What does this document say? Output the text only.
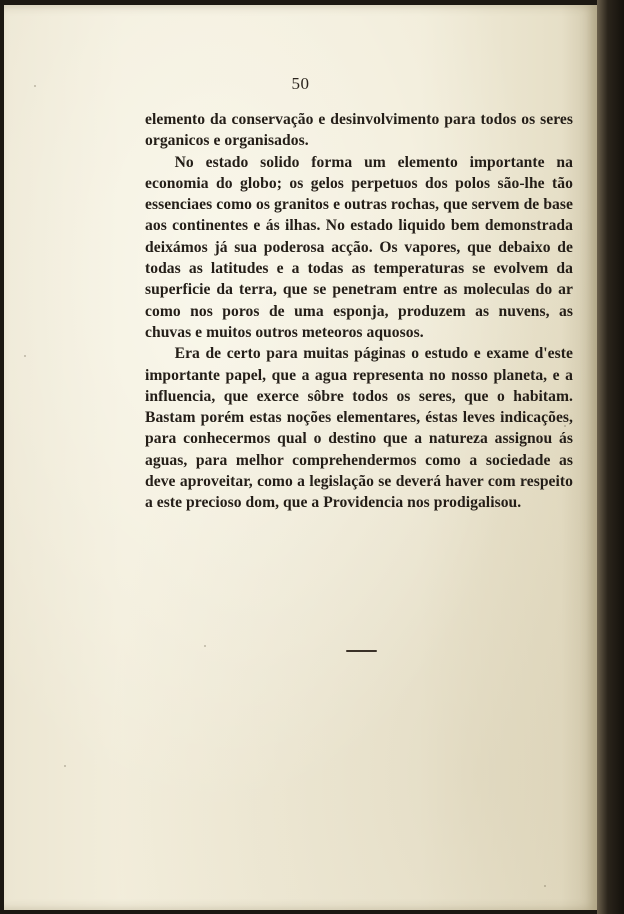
50

elemento da conservação e desinvolvimento para todos os seres organicos e organisados.

No estado solido forma um elemento importante na economia do globo; os gelos perpetuos dos polos são-lhe tão essenciaes como os granitos e outras rochas, que servem de base aos continentes e ás ilhas. No estado liquido bem demonstrada deixámos já sua poderosa acção. Os vapores, que debaixo de todas as latitudes e a todas as temperaturas se evolvem da superficie da terra, que se penetram entre as moleculas do ar como nos poros de uma esponja, produzem as nuvens, as chuvas e muitos outros meteoros aquosos.

Era de certo para muitas páginas o estudo e exame d'este importante papel, que a agua representa no nosso planeta, e a influencia, que exerce sôbre todos os seres, que o habitam. Bastam porém estas noções elementares, éstas leves indicações, para conhecermos qual o destino que a natureza assignou ás aguas, para melhor comprehendermos como a sociedade as deve aproveitar, como a legislação se deverá haver com respeito a este precioso dom, que a Providencia nos prodigalisou.
